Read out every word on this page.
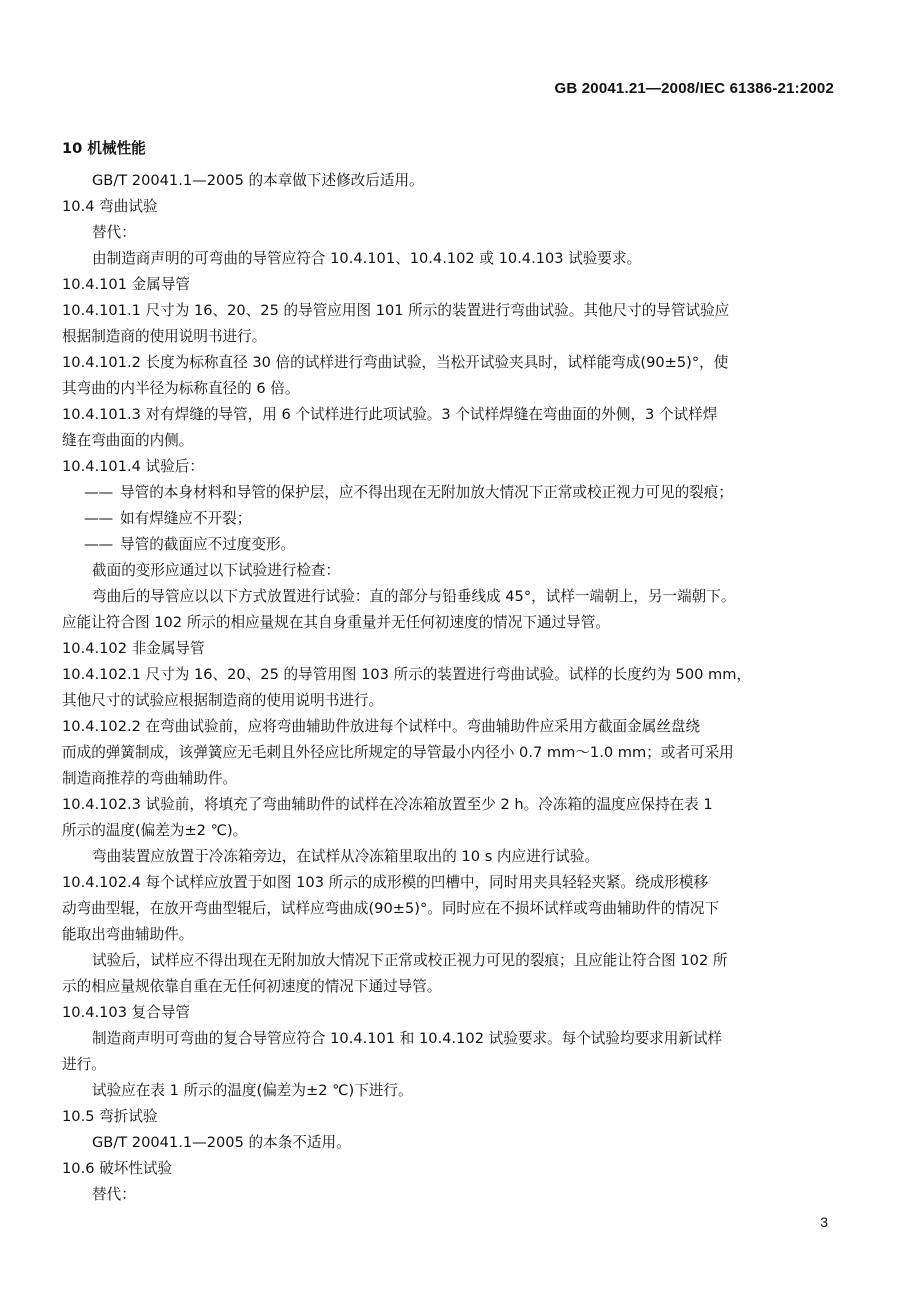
GB 20041.21—2008/IEC 61386-21:2002
10 机械性能
GB/T 20041.1—2005 的本章做下述修改后适用。
10.4 弯曲试验
替代：
由制造商声明的可弯曲的导管应符合 10.4.101、10.4.102 或 10.4.103 试验要求。
10.4.101 金属导管
10.4.101.1 尺寸为 16、20、25 的导管应用图 101 所示的装置进行弯曲试验。其他尺寸的导管试验应
根据制造商的使用说明书进行。
10.4.101.2 长度为标称直径 30 倍的试样进行弯曲试验，当松开试验夹具时，试样能弯成(90±5)°，使
其弯曲的内半径为标称直径的 6 倍。
10.4.101.3 对有焊缝的导管，用 6 个试样进行此项试验。3 个试样焊缝在弯曲面的外侧，3 个试样焊
缝在弯曲面的内侧。
10.4.101.4 试验后：
—— 导管的本身材料和导管的保护层，应不得出现在无附加放大情况下正常或校正视力可见的裂痕；
—— 如有焊缝应不开裂；
—— 导管的截面应不过度变形。
截面的变形应通过以下试验进行检查：
弯曲后的导管应以以下方式放置进行试验：直的部分与铅垂线成 45°，试样一端朝上，另一端朝下。
应能让符合图 102 所示的相应量规在其自身重量并无任何初速度的情况下通过导管。
10.4.102 非金属导管
10.4.102.1 尺寸为 16、20、25 的导管用图 103 所示的装置进行弯曲试验。试样的长度约为 500 mm，
其他尺寸的试验应根据制造商的使用说明书进行。
10.4.102.2 在弯曲试验前，应将弯曲辅助件放进每个试样中。弯曲辅助件应采用方截面金属丝盘绕
而成的弹簧制成，该弹簧应无毛刺且外径应比所规定的导管最小内径小 0.7 mm～1.0 mm；或者可采用
制造商推荐的弯曲辅助件。
10.4.102.3 试验前，将填充了弯曲辅助件的试样在冷冻箱放置至少 2 h。冷冻箱的温度应保持在表 1
所示的温度(偏差为±2 ℃)。
弯曲装置应放置于冷冻箱旁边，在试样从冷冻箱里取出的 10 s 内应进行试验。
10.4.102.4 每个试样应放置于如图 103 所示的成形模的凹槽中，同时用夹具轻轻夹紧。绕成形模移
动弯曲型辊，在放开弯曲型辊后，试样应弯曲成(90±5)°。同时应在不损坏试样或弯曲辅助件的情况下
能取出弯曲辅助件。
试验后，试样应不得出现在无附加放大情况下正常或校正视力可见的裂痕；且应能让符合图 102 所
示的相应量规依靠自重在无任何初速度的情况下通过导管。
10.4.103 复合导管
制造商声明可弯曲的复合导管应符合 10.4.101 和 10.4.102 试验要求。每个试验均要求用新试样
进行。
试验应在表 1 所示的温度(偏差为±2 ℃)下进行。
10.5 弯折试验
GB/T 20041.1—2005 的本条不适用。
10.6 破坏性试验
替代：
3
